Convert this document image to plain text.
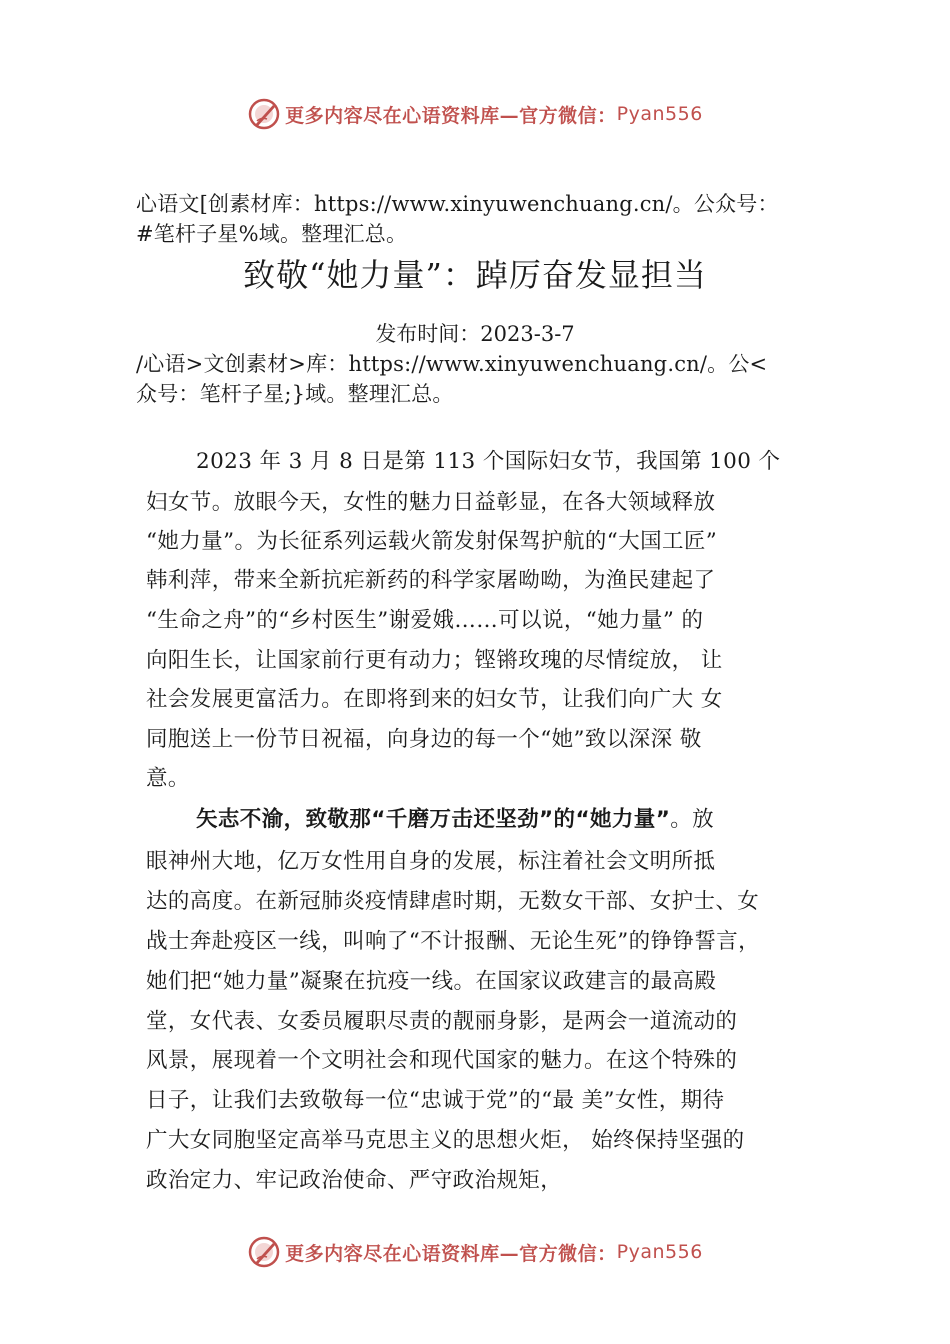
更多内容尽在心语资料库—官方微信： Pyan556
心语文[创素材库：https://www.xinyuwenchuang.cn/。公众号：
#笔杆子星%域。整理汇总。
致敬“她力量”：踔厉奋发显担当
发布时间：2023-3-7
/心语>文创素材>库：https://www.xinyuwenchuang.cn/。公<
众号：笔杆子星;}域。整理汇总。
2023 年 3 月 8 日是第 113 个国际妇女节，我国第 100 个
妇女节。放眼今天，女性的魅力日益彰显，在各大领域释放
“她力量”。为长征系列运载火箭发射保驾护航的“大国工匠”
韩利萍，带来全新抗疟新药的科学家屠呦呦，为渔民建起了
“生命之舟”的“乡村医生”谢爱娥……可以说，“她力量” 的
向阳生长，让国家前行更有动力；铿锵玫瑰的尽情绽放， 让
社会发展更富活力。在即将到来的妇女节，让我们向广大 女
同胞送上一份节日祝福，向身边的每一个“她”致以深深 敬
意。
矢志不渝，致敬那“千磨万击还坚劲”的“她力量”。放
眼神州大地，亿万女性用自身的发展，标注着社会文明所抵
达的高度。在新冠肺炎疫情肆虐时期，无数女干部、女护士、女
战士奔赴疫区一线，叫响了“不计报酬、无论生死”的铮铮誓言，
她们把“她力量”凝聚在抗疫一线。在国家议政建言的最高殿
堂，女代表、女委员履职尽责的靓丽身影，是两会一道流动的
风景，展现着一个文明社会和现代国家的魅力。在这个特殊的
日子，让我们去致敬每一位“忠诚于党”的“最 美”女性，期待
广大女同胞坚定高举马克思主义的思想火炬， 始终保持坚强的
政治定力、牢记政治使命、严守政治规矩，
更多内容尽在心语资料库—官方微信： Pyan556
